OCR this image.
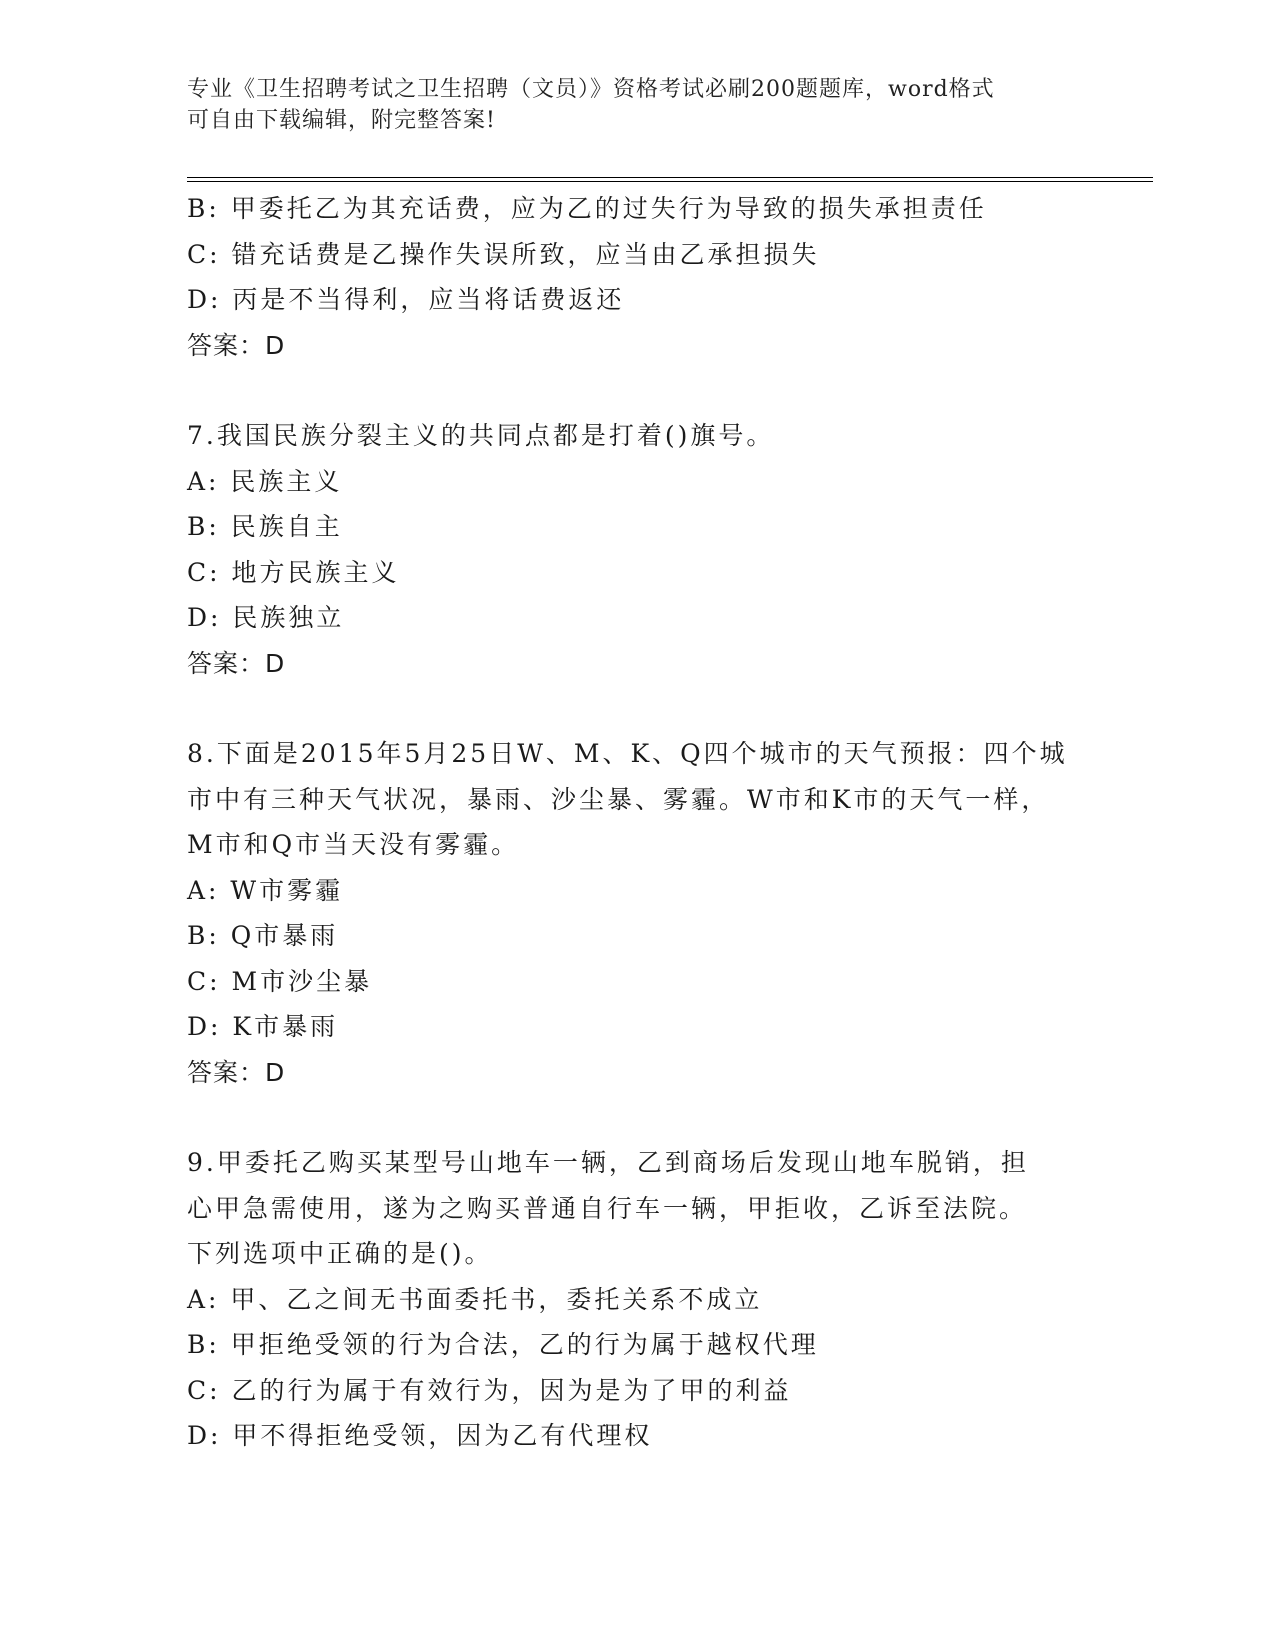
专业《卫生招聘考试之卫生招聘（文员）》资格考试必刷200题题库，word格式
可自由下载编辑，附完整答案!
B: 甲委托乙为其充话费，应为乙的过失行为导致的损失承担责任
C: 错充话费是乙操作失误所致，应当由乙承担损失
D: 丙是不当得利，应当将话费返还
答案：D
7.我国民族分裂主义的共同点都是打着()旗号。
A: 民族主义
B: 民族自主
C: 地方民族主义
D: 民族独立
答案：D
8.下面是2015年5月25日W、M、K、Q四个城市的天气预报：四个城
市中有三种天气状况，暴雨、沙尘暴、雾霾。W市和K市的天气一样，
M市和Q市当天没有雾霾。
A: W市雾霾
B: Q市暴雨
C: M市沙尘暴
D: K市暴雨
答案：D
9.甲委托乙购买某型号山地车一辆，乙到商场后发现山地车脱销，担
心甲急需使用，遂为之购买普通自行车一辆，甲拒收，乙诉至法院。
下列选项中正确的是()。
A: 甲、乙之间无书面委托书，委托关系不成立
B: 甲拒绝受领的行为合法，乙的行为属于越权代理
C: 乙的行为属于有效行为，因为是为了甲的利益
D: 甲不得拒绝受领，因为乙有代理权
